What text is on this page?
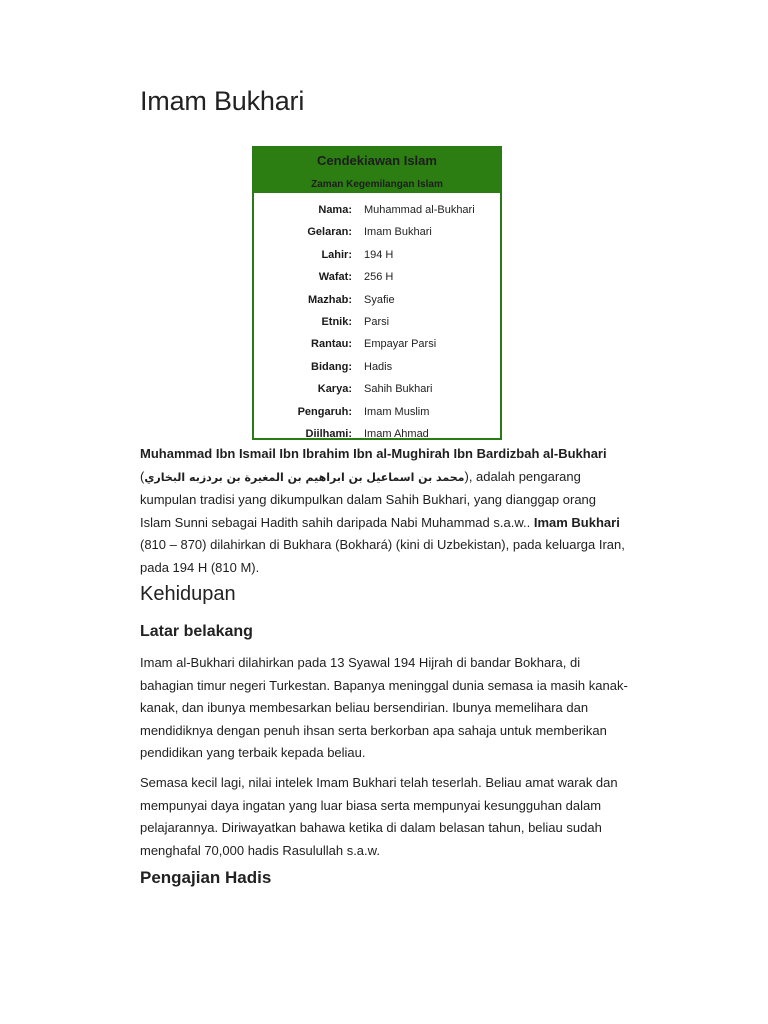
Imam Bukhari
Cendekiawan Islam
Zaman Kegemilangan Islam
Nama: Muhammad al-Bukhari
Gelaran: Imam Bukhari
Lahir: 194 H
Wafat: 256 H
Mazhab: Syafie
Etnik: Parsi
Rantau: Empayar Parsi
Bidang: Hadis
Karya: Sahih Bukhari
Pengaruh: Imam Muslim
Diilhami: Imam Ahmad

Muhammad Ibn Ismail Ibn Ibrahim Ibn al-Mughirah Ibn Bardizbah al-Bukhari (محمد بن اسماعيل بن ابراهيم بن المغيرة بن بردزبه البخاري), adalah pengarang kumpulan tradisi yang dikumpulkan dalam Sahih Bukhari, yang dianggap orang Islam Sunni sebagai Hadith sahih daripada Nabi Muhammad s.a.w.. Imam Bukhari (810 – 870) dilahirkan di Bukhara (Bokhará) (kini di Uzbekistan), pada keluarga Iran, pada 194 H (810 M).

Kehidupan
Latar belakang

Imam al-Bukhari dilahirkan pada 13 Syawal 194 Hijrah di bandar Bokhara, di bahagian timur negeri Turkestan. Bapanya meninggal dunia semasa ia masih kanak-kanak, dan ibunya membesarkan beliau bersendirian. Ibunya memelihara dan mendidiknya dengan penuh ihsan serta berkorban apa sahaja untuk memberikan pendidikan yang terbaik kepada beliau.

Semasa kecil lagi, nilai intelek Imam Bukhari telah teserlah. Beliau amat warak dan mempunyai daya ingatan yang luar biasa serta mempunyai kesungguhan dalam pelajarannya. Diriwayatkan bahawa ketika di dalam belasan tahun, beliau sudah menghafal 70,000 hadis Rasulullah s.a.w.

Pengajian Hadis
